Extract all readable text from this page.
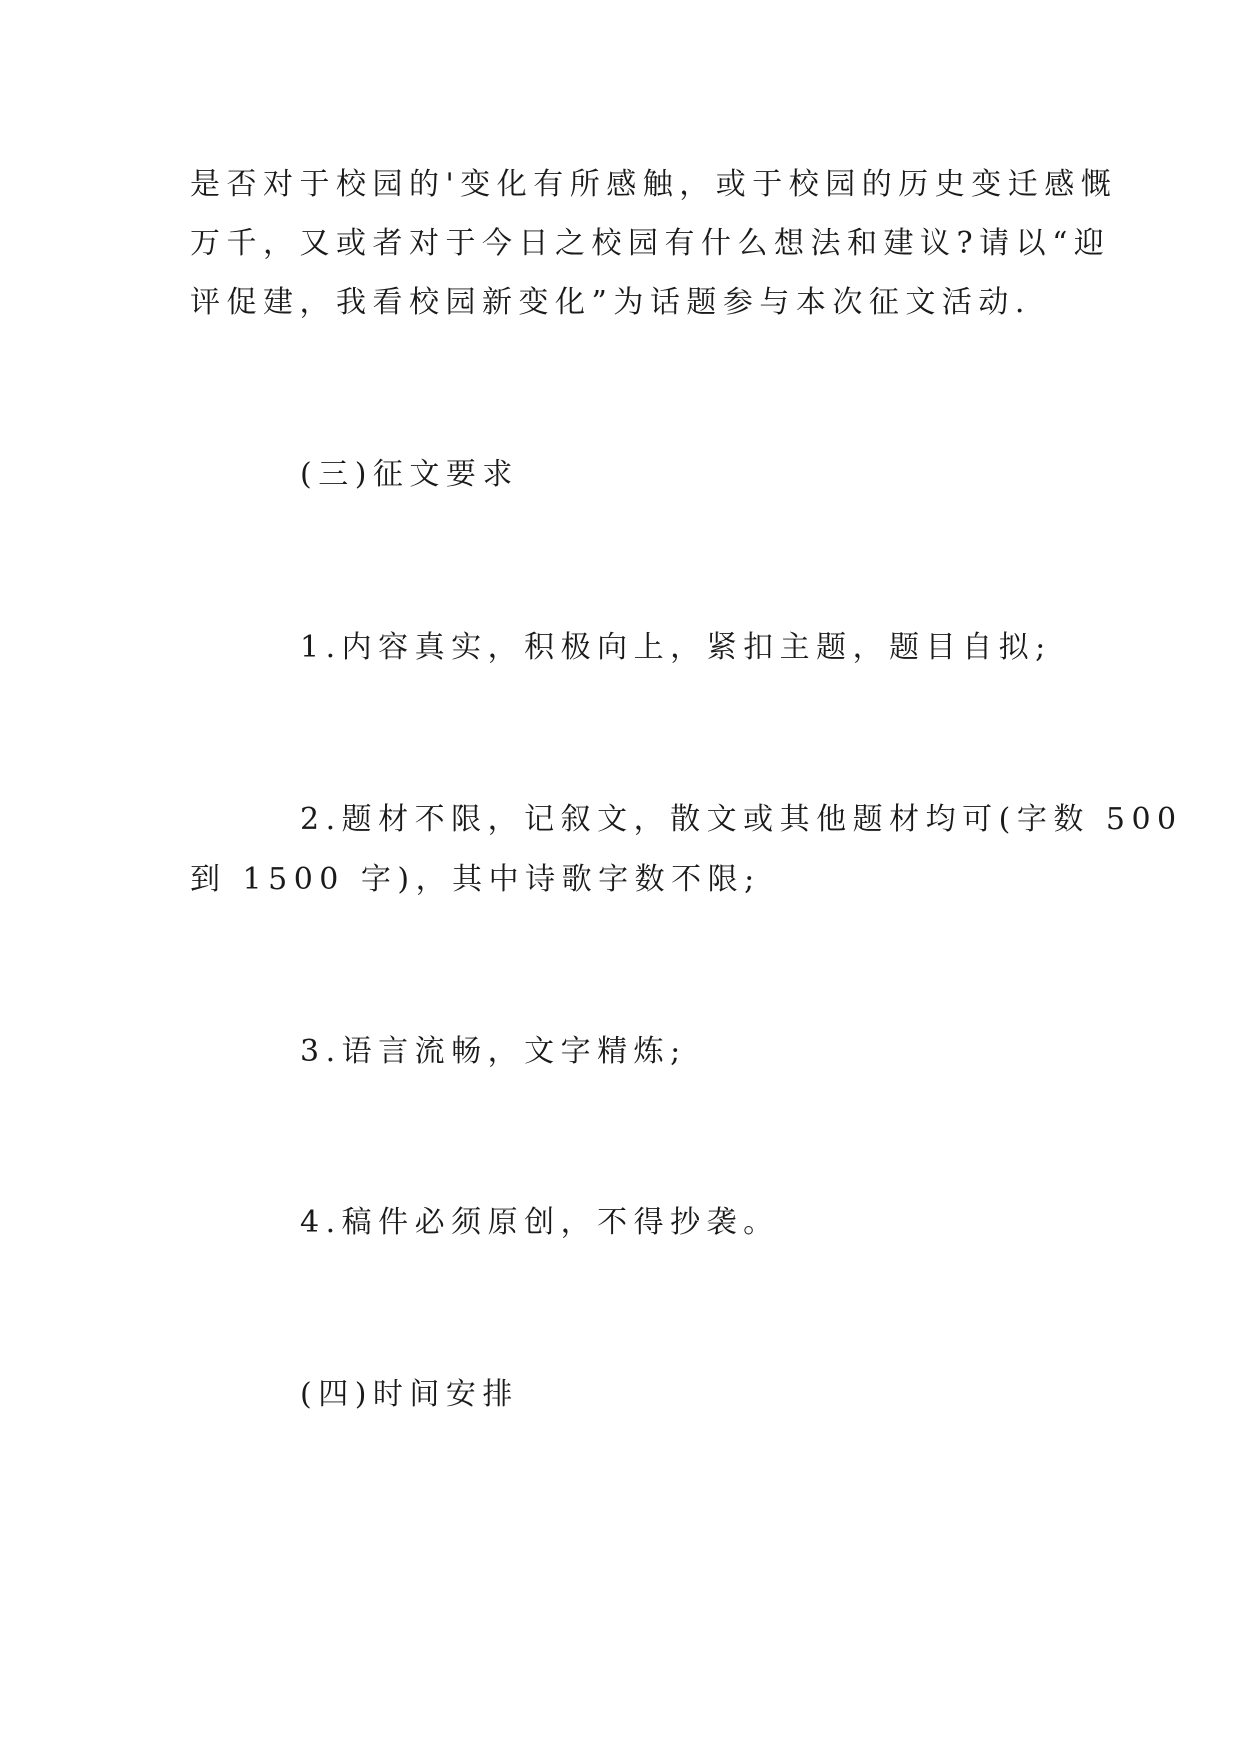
是否对于校园的'变化有所感触，或于校园的历史变迁感慨
万千，又或者对于今日之校园有什么想法和建议?请以“迎
评促建，我看校园新变化”为话题参与本次征文活动.
(三)征文要求
1.内容真实，积极向上，紧扣主题，题目自拟;
2.题材不限，记叙文，散文或其他题材均可(字数 500
到 1500 字)，其中诗歌字数不限;
3.语言流畅，文字精炼;
4.稿件必须原创，不得抄袭。
(四)时间安排
